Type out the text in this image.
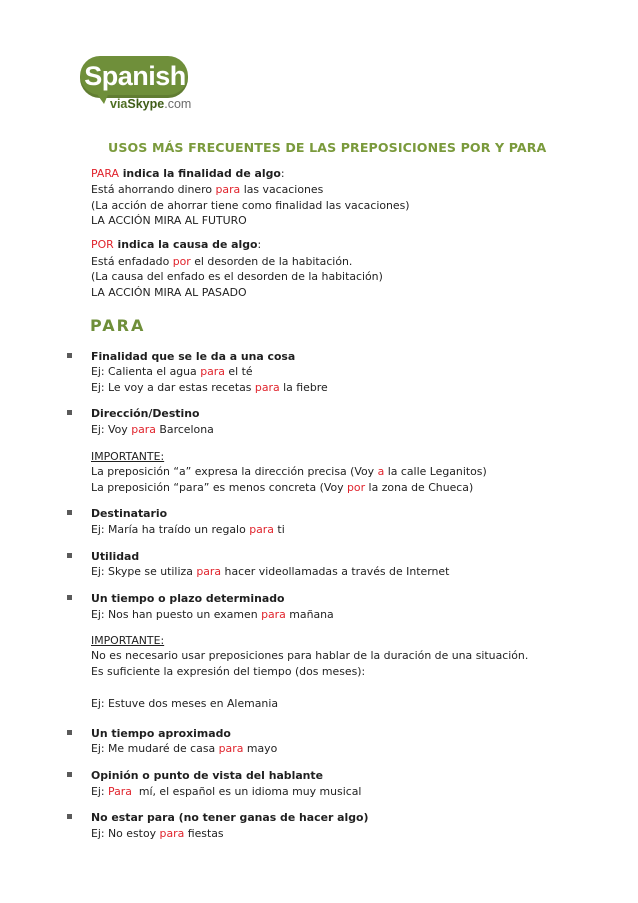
Spanish
viaSkype.com
USOS MÁS FRECUENTES DE LAS PREPOSICIONES POR Y PARA
PARA indica la finalidad de algo:
Está ahorrando dinero para las vacaciones
(La acción de ahorrar tiene como finalidad las vacaciones)
LA ACCIÓN MIRA AL FUTURO
POR indica la causa de algo:
Está enfadado por el desorden de la habitación.
(La causa del enfado es el desorden de la habitación)
LA ACCIÓN MIRA AL PASADO
PARA
Finalidad que se le da a una cosa
Ej: Calienta el agua para el té
Ej: Le voy a dar estas recetas para la fiebre
Dirección/Destino
Ej: Voy para Barcelona
IMPORTANTE:
La preposición “a” expresa la dirección precisa (Voy a la calle Leganitos)
La preposición “para” es menos concreta (Voy por la zona de Chueca)
Destinatario
Ej: María ha traído un regalo para ti
Utilidad
Ej: Skype se utiliza para hacer videollamadas a través de Internet
Un tiempo o plazo determinado
Ej: Nos han puesto un examen para mañana
IMPORTANTE:
No es necesario usar preposiciones para hablar de la duración de una situación.
Es suficiente la expresión del tiempo (dos meses):
Ej: Estuve dos meses en Alemania
Un tiempo aproximado
Ej: Me mudaré de casa para mayo
Opinión o punto de vista del hablante
Ej: Para  mí, el español es un idioma muy musical
No estar para (no tener ganas de hacer algo)
Ej: No estoy para fiestas
